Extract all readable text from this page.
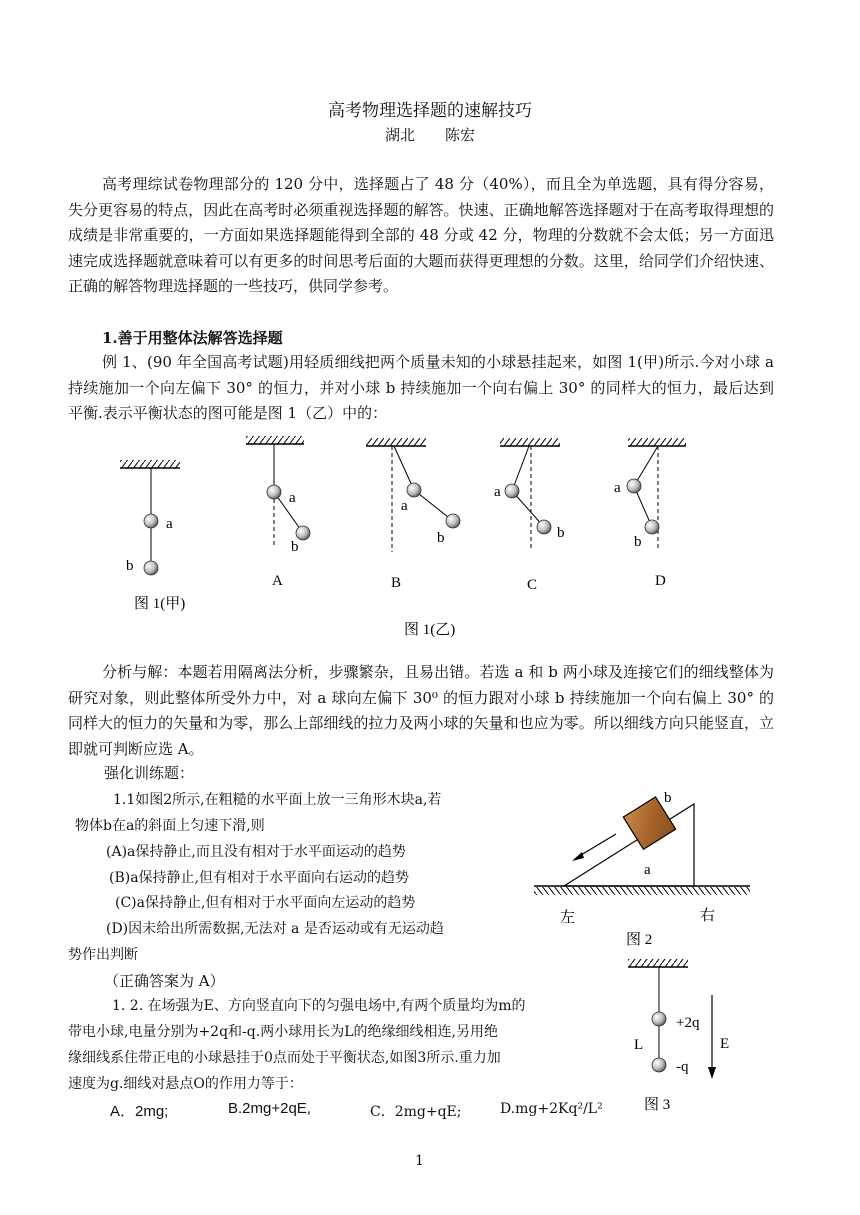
高考物理选择题的速解技巧
湖北　　陈宏
高考理综试卷物理部分的 120 分中，选择题占了 48 分（40%），而且全为单选题，具有得分容易，失分更容易的特点，因此在高考时必须重视选择题的解答。快速、正确地解答选择题对于在高考取得理想的成绩是非常重要的，一方面如果选择题能得到全部的 48 分或 42 分，物理的分数就不会太低；另一方面迅速完成选择题就意味着可以有更多的时间思考后面的大题而获得更理想的分数。这里，给同学们介绍快速、正确的解答物理选择题的一些技巧，供同学参考。
1.善于用整体法解答选择题
例 1、(90 年全国高考试题)用轻质细线把两个质量未知的小球悬挂起来，如图 1(甲)所示.今对小球 a 持续施加一个向左偏下 30° 的恒力，并对小球 b 持续施加一个向右偏上 30° 的同样大的恒力，最后达到平衡.表示平衡状态的图可能是图 1（乙）中的：
a
b
a
b
A
a
b
B
a
b
C
a
b
D
图 1(甲)
图 1(乙)
分析与解：本题若用隔离法分析，步骤繁杂，且易出错。若选 a 和 b 两小球及连接它们的细线整体为研究对象，则此整体所受外力中，对 a 球向左偏下 30⁰ 的恒力跟对小球 b 持续施加一个向右偏上 30° 的同样大的恒力的矢量和为零，那么上部细线的拉力及两小球的矢量和也应为零。所以细线方向只能竖直，立即就可判断应选 A。
强化训练题：
1.1如图2所示,在粗糙的水平面上放一三角形木块a,若
物体b在a的斜面上匀速下滑,则
(A)a保持静止,而且没有相对于水平面运动的趋势
(B)a保持静止,但有相对于水平面向右运动的趋势
(C)a保持静止,但有相对于水平面向左运动的趋势
(D)因未给出所需数据,无法对 a 是否运动或有无运动趋
势作出判断
（正确答案为 A）
b
a
左	右
图 2
1. 2. 在场强为E、方向竖直向下的匀强电场中,有两个质量均为m的
带电小球,电量分别为+2q和-q.两小球用长为L的绝缘细线相连,另用绝
缘细线系住带正电的小球悬挂于0点而处于平衡状态,如图3所示.重力加
速度为g.细线对悬点O的作用力等于：
A．2mg;	B.2mg+2qE,	C．2mg+qE;	D.mg+2Kq²/L²
+2q
L	E
-q
图 3
1
